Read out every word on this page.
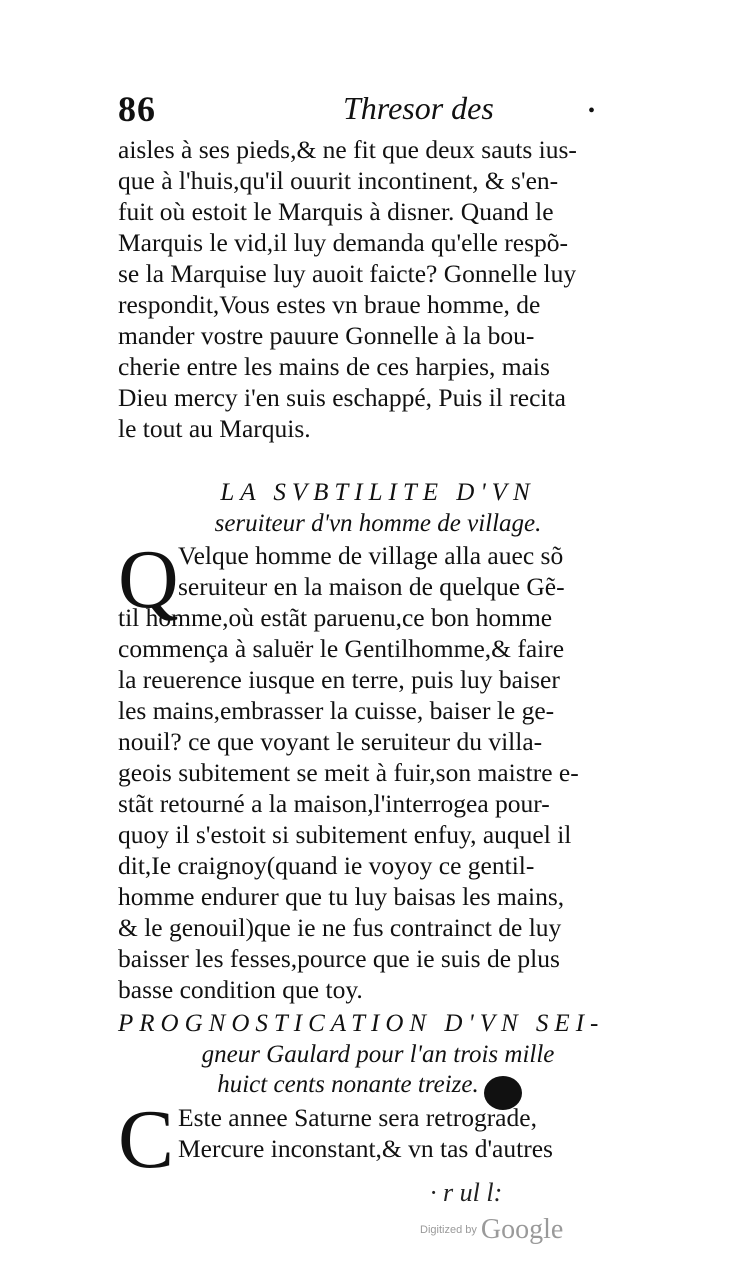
86	Thresor des	•
aisles à ses pieds,& ne fit que deux sauts ius-
que à l'huis,qu'il ouurit incontinent, & s'en-
fuit où estoit le Marquis à disner. Quand le
Marquis le vid,il luy demanda qu'elle respõ-
se la Marquise luy auoit faicte? Gonnelle luy
respondit,Vous estes vn braue homme, de
mander vostre pauure Gonnelle à la bou-
cherie entre les mains de ces harpies, mais
Dieu mercy i'en suis eschappé, Puis il recita
le tout au Marquis.
LA SVBTILITE D'VN
seruiteur d'vn homme de village.
Q Velque homme de village alla auec sõ
seruiteur en la maison de quelque Gẽ-
til homme,où estãt paruenu,ce bon homme
commença à saluër le Gentilhomme,& faire
la reuerence iusque en terre, puis luy baiser
les mains,embrasser la cuisse, baiser le ge-
nouil? ce que voyant le seruiteur du villa-
geois subitement se meit à fuir,son maistre e-
stãt retourné a la maison,l'interrogea pour-
quoy il s'estoit si subitement enfuy, auquel il
dit,Ie craignoy(quand ie voyoy ce gentil-
homme endurer que tu luy baisas les mains,
& le genouil)que ie ne fus contrainct de luy
baisser les fesses,pource que ie suis de plus
basse condition que toy.
PROGNOSTICATION D'VN SEI-
gneur Gaulard pour l'an trois mille
huict cents nonante treize.
C Este annee Saturne sera retrograde,
Mercure inconstant,& vn tas d'autres
· r ul l:
Digitized by Google
